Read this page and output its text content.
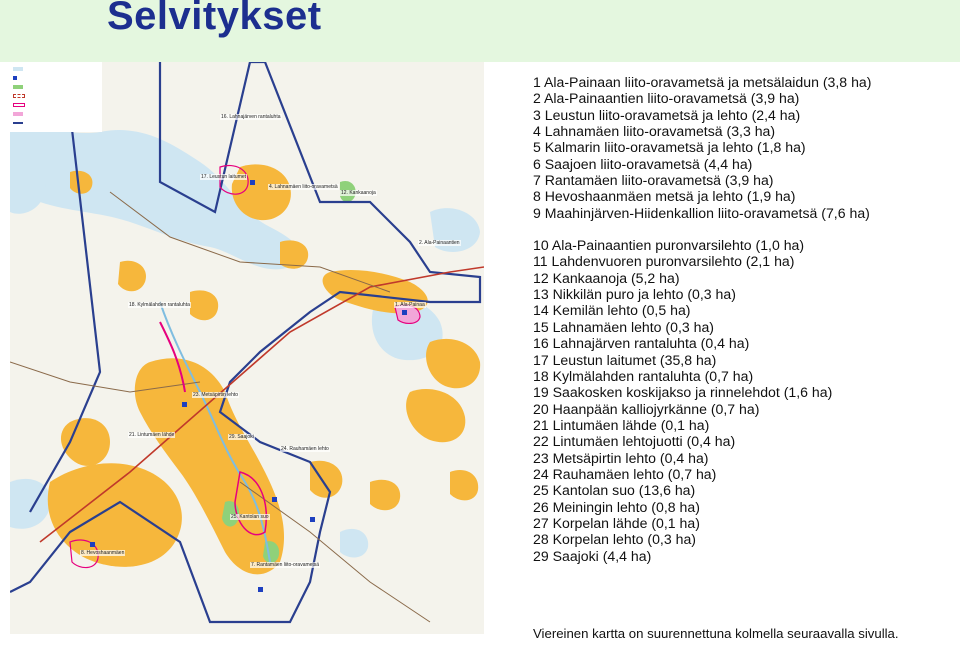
Selvitykset
16. Lahnajärven rantaluhta
17. Leustun laitumet
4. Lahnamäen liito-oravametsä
12. Kankaanoja
2. Ala-Painaantien
1. Ala-Painaa
18. Kylmälahden rantaluhta
23. Metsäpirtin lehto
21. Lintumäen lähde	29. Saajoki
24. Rauhamäen lehto
25. Kantolan suo
8. Hevoshaanmäen
7. Rantamäen liito-oravametsä
1 Ala-Painaan liito-oravametsä ja metsälaidun (3,8 ha)
2 Ala-Painaantien liito-oravametsä (3,9 ha)
3 Leustun liito-oravametsä ja lehto (2,4 ha)
4 Lahnamäen liito-oravametsä (3,3 ha)
5 Kalmarin liito-oravametsä ja lehto (1,8 ha)
6 Saajoen liito-oravametsä (4,4 ha)
7 Rantamäen liito-oravametsä (3,9 ha)
8 Hevoshaanmäen metsä ja lehto (1,9 ha)
9 Maahinjärven-Hiidenkallion liito-oravametsä (7,6 ha)
10 Ala-Painaantien puronvarsilehto (1,0 ha)
11 Lahdenvuoren puronvarsilehto (2,1 ha)
12 Kankaanoja (5,2 ha)
13 Nikkilän puro ja lehto (0,3 ha)
14 Kemilän lehto (0,5 ha)
15 Lahnamäen lehto (0,3 ha)
16 Lahnajärven rantaluhta (0,4 ha)
17 Leustun laitumet (35,8 ha)
18 Kylmälahden rantaluhta (0,7 ha)
19 Saakosken koskijakso ja rinnelehdot (1,6 ha)
20 Haanpään kalliojyrkänne (0,7 ha)
21 Lintumäen lähde (0,1 ha)
22 Lintumäen lehtojuotti (0,4 ha)
23 Metsäpirtin lehto (0,4 ha)
24 Rauhamäen lehto (0,7 ha)
25 Kantolan suo (13,6 ha)
26 Meiningin lehto (0,8 ha)
27 Korpelan lähde (0,1 ha)
28 Korpelan lehto (0,3 ha)
29 Saajoki (4,4 ha)
Viereinen kartta on suurennettuna kolmella seuraavalla sivulla.
